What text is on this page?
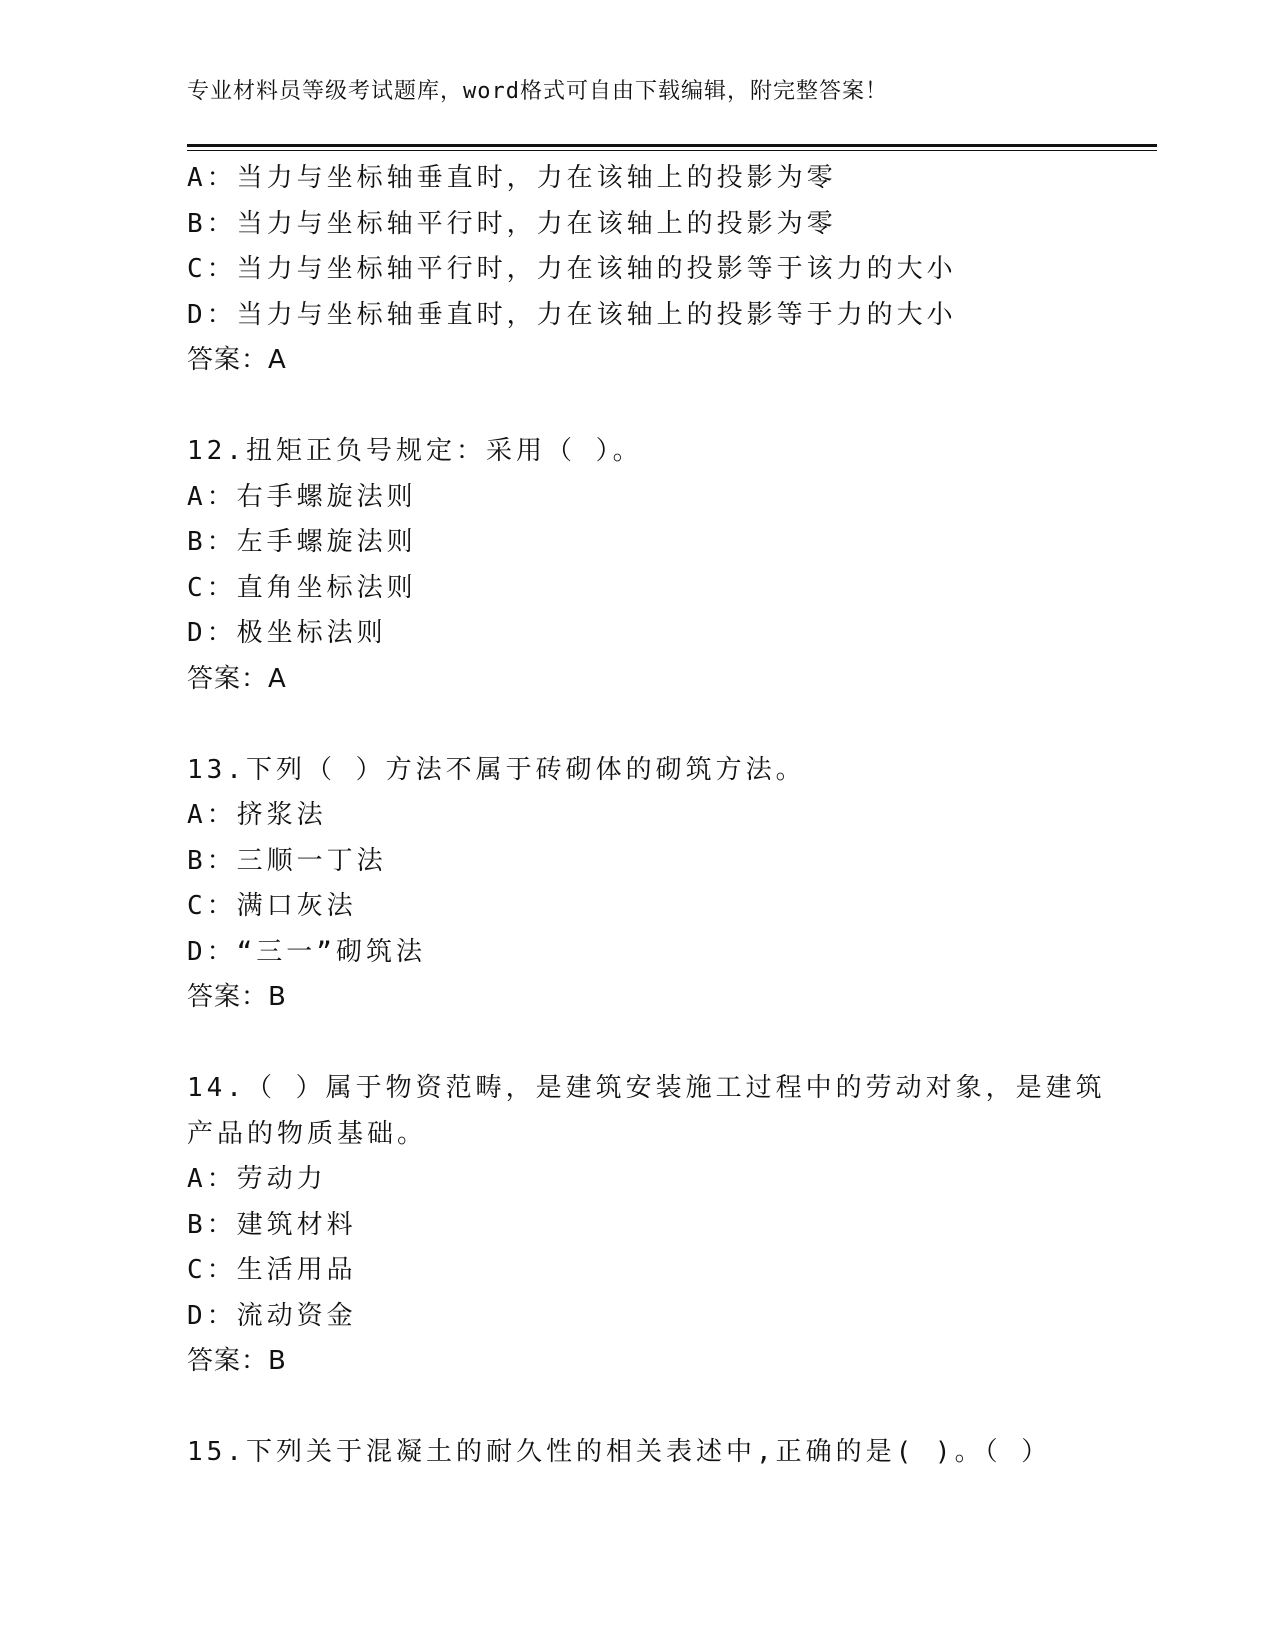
专业材料员等级考试题库，word格式可自由下载编辑，附完整答案！
A：当力与坐标轴垂直时，力在该轴上的投影为零
B：当力与坐标轴平行时，力在该轴上的投影为零
C：当力与坐标轴平行时，力在该轴的投影等于该力的大小
D：当力与坐标轴垂直时，力在该轴上的投影等于力的大小
答案：A
12.扭矩正负号规定：采用（ ）。
A：右手螺旋法则
B：左手螺旋法则
C：直角坐标法则
D：极坐标法则
答案：A
13.下列（ ）方法不属于砖砌体的砌筑方法。
A：挤浆法
B：三顺一丁法
C：满口灰法
D：“三一”砌筑法
答案：B
14.（ ）属于物资范畴，是建筑安装施工过程中的劳动对象，是建筑
产品的物质基础。
A：劳动力
B：建筑材料
C：生活用品
D：流动资金
答案：B
15.下列关于混凝土的耐久性的相关表述中,正确的是( )。（ ）
